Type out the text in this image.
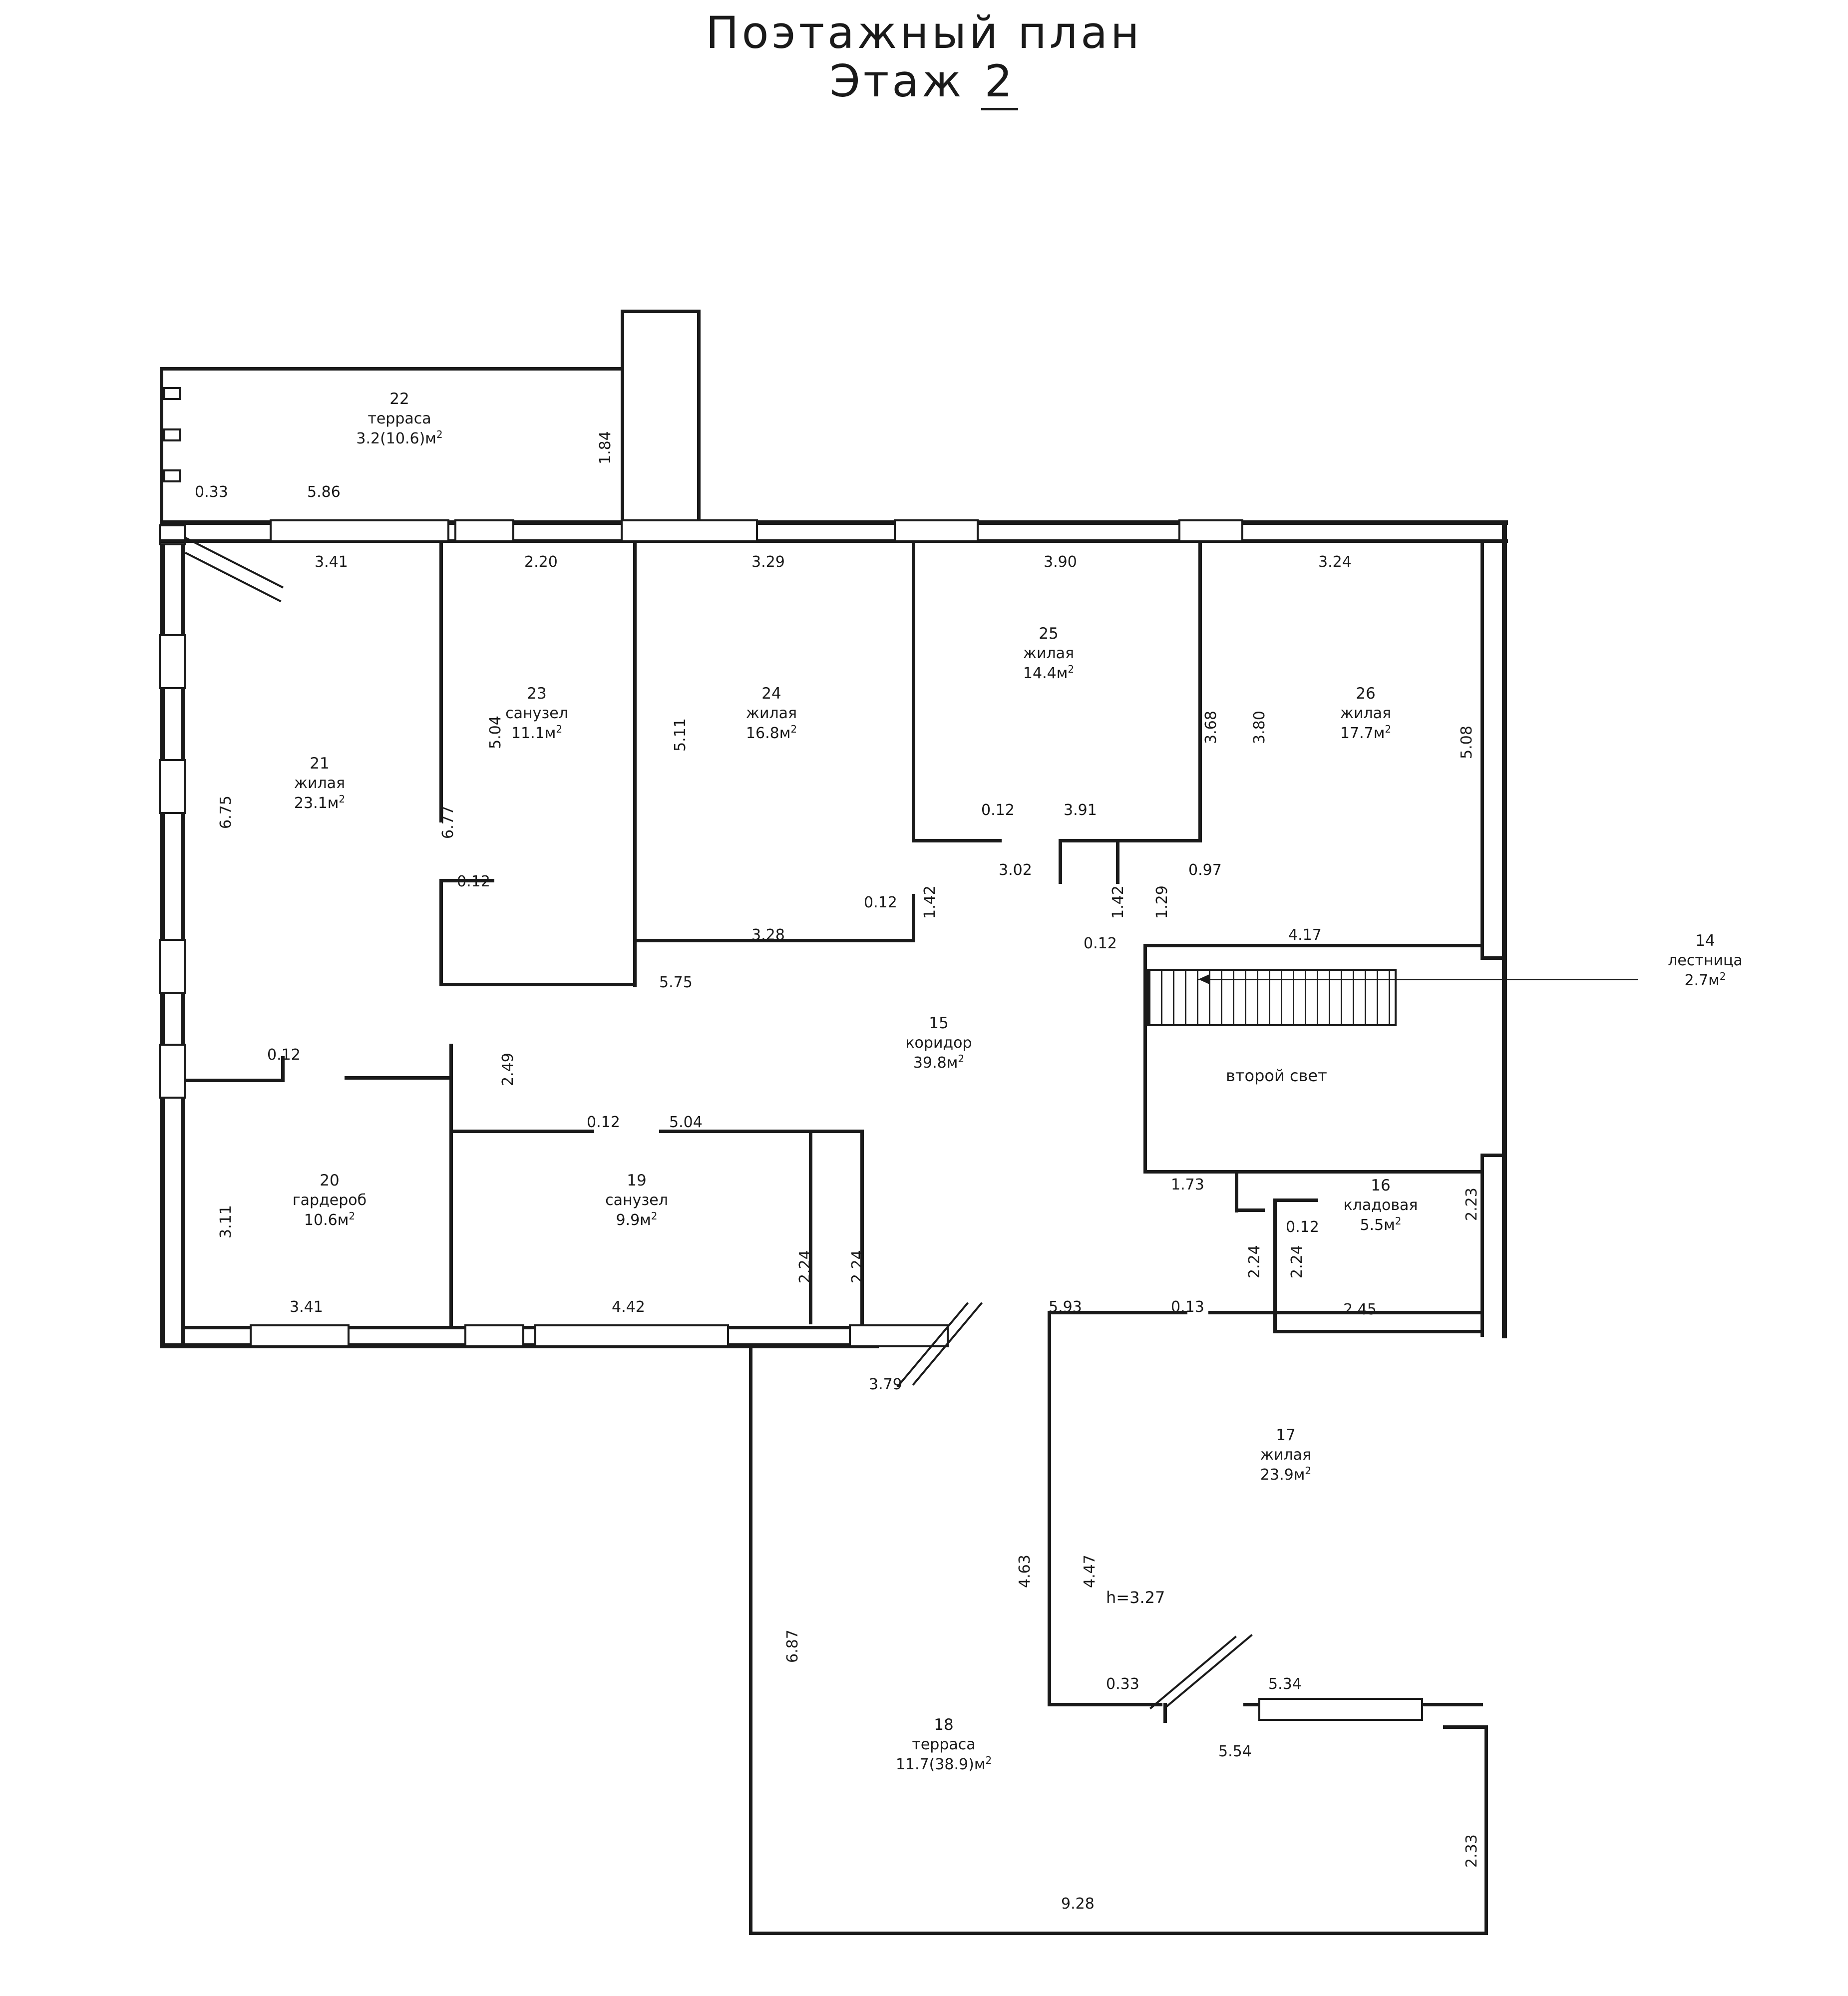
Поэтажный план
Этаж 2
21
жилая
$23.1м^2$
22
терраса
$3.2(10.6)м^2$
23
санузел
$11.1м^2$
24
жилая
$16.8м^2$
25
жилая
$14.4м^2$
26
жилая
$17.7м^2$
15
коридор
$39.8м^2$
второй свет
16
кладовая
$5.5м^2$
17
жилая
$23.9м^2$
h=3.27
18
терраса
$11.7(38.9)м^2$
19
санузел
$9.9м^2$
20
гардероб
$10.6м^2$
14
лестница
$2.7м^2$
0.33	5.86
1.84
3.41	2.20	3.29	3.90	3.24
6.75
5.04
6.77
5.11	3.68 3.80	5.08
0.12	3.91
3.02
1.42	1.42 1.29
0.97
0.12
0.12
3.28
5.75
0.12	4.17
0.12	2.49
0.12	5.04
3.11
2.24 2.24
3.41	4.42
3.79
1.73
2.23
2.24
0.12
2.24
2.45
5.93	0.13
6.87
4.63	4.47
0.33	5.34
5.54
2.33
9.28
